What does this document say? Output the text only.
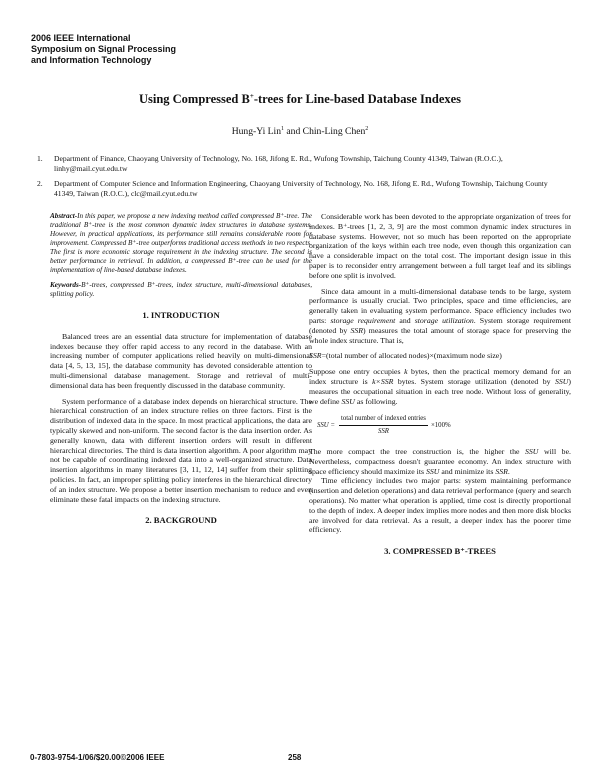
2006 IEEE International
Symposium on Signal Processing
and Information Technology
Using Compressed B+-trees for Line-based Database Indexes
Hung-Yi Lin$^1$ and Chin-Ling Chen$^2$
1. Department of Finance, Chaoyang University of Technology, No. 168, Jifong E. Rd., Wufong Township, Taichung County 41349, Taiwan (R.O.C.), linhy@mail.cyut.edu.tw
2. Department of Computer Science and Information Engineering, Chaoyang University of Technology, No. 168, Jifong E. Rd., Wufong Township, Taichung County 41349, Taiwan (R.O.C.), clc@mail.cyut.edu.tw

Abstract-In this paper, we propose a new indexing method called compressed B⁺-tree. The traditional B⁺-tree is the most common dynamic index structures in database systems. However, in practical applications, its performance still remains considerable room for improvement. Compressed B⁺-tree outperforms traditional access methods in two respects. The first is more economic storage requirement in the indexing structure. The second is better performance in retrieval. In addition, a compressed B⁺-tree can be used for the implementation of line-based database indexes.

Keywords-B⁺-trees, compressed B⁺-trees, index structure, multi-dimensional databases, splitting policy.

1. INTRODUCTION

Balanced trees are an essential data structure for implementation of database indexes because they offer rapid access to any record in the database. With an increasing number of computer applications relied heavily on multi-dimensional data [4, 5, 13, 15], the database community has devoted considerable attention to multi-dimensional database management. Storage and retrieval of multi-dimensional data has been frequently discussed in the database community.

System performance of a database index depends on hierarchical structure. The hierarchical construction of an index structure relies on three factors. First is the distribution of indexed data in the space. In most practical applications, the data are typically skewed and non-uniform. The second factor is the data insertion order. As generally known, data with different insertion orders will result in different hierarchical directories. The third is data insertion algorithm. A poor algorithm may not be capable of coordinating indexed data into a well-organized structure. Data insertion algorithms in many literatures [3, 11, 12, 14] suffer from their splitting policies. In fact, an improper splitting policy interferes in the hierarchical directory of an index structure. We propose a better insertion mechanism to reduce and even eliminate these fatal impacts on the indexing structure.

2. BACKGROUND

Considerable work has been devoted to the appropriate organization of trees for indexes. B⁺-trees [1, 2, 3, 9] are the most common dynamic index structures in database systems. However, not so much has been reported on the appropriate organization of the keys within each tree node, even though this organization can have a considerable impact on the total cost. The important design issue in this paper is to reconsider entry arrangement between a full target leaf and its siblings before one split is involved.

Since data amount in a multi-dimensional database tends to be large, system performance is usually crucial. Two principles, space and time efficiencies, are generally taken in evaluating system performance. Space efficiency includes two parts: storage requirement and storage utilization. System storage requirement (denoted by SSR) measures the total amount of storage space for preserving the whole index structure. That is,

SSR=(total number of allocated nodes)×(maximum node size)

Suppose one entry occupies k bytes, then the practical memory demand for an index structure is k×SSR bytes. System storage utilization (denoted by SSU) measures the occupational situation in each tree node. Without loss of generality, we define SSU as following.

SSU =
total number of indexed entries
SSR
×100%

The more compact the tree construction is, the higher the SSU will be. Nevertheless, compactness doesn't guarantee economy. An index structure with space efficiency should maximize its SSU and minimize its SSR.

Time efficiency includes two major parts: system maintaining performance (insertion and deletion operations) and data retrieval performance (query and search operations). No matter what operation is applied, time cost is directly proportional to the depth of index. A deeper index implies more nodes and then more disk blocks are involved for data retrieval. As a result, a deeper index has the poorer time efficiency.

3. COMPRESSED B⁺-TREES
0-7803-9754-1/06/$20.00©2006 IEEE	258
